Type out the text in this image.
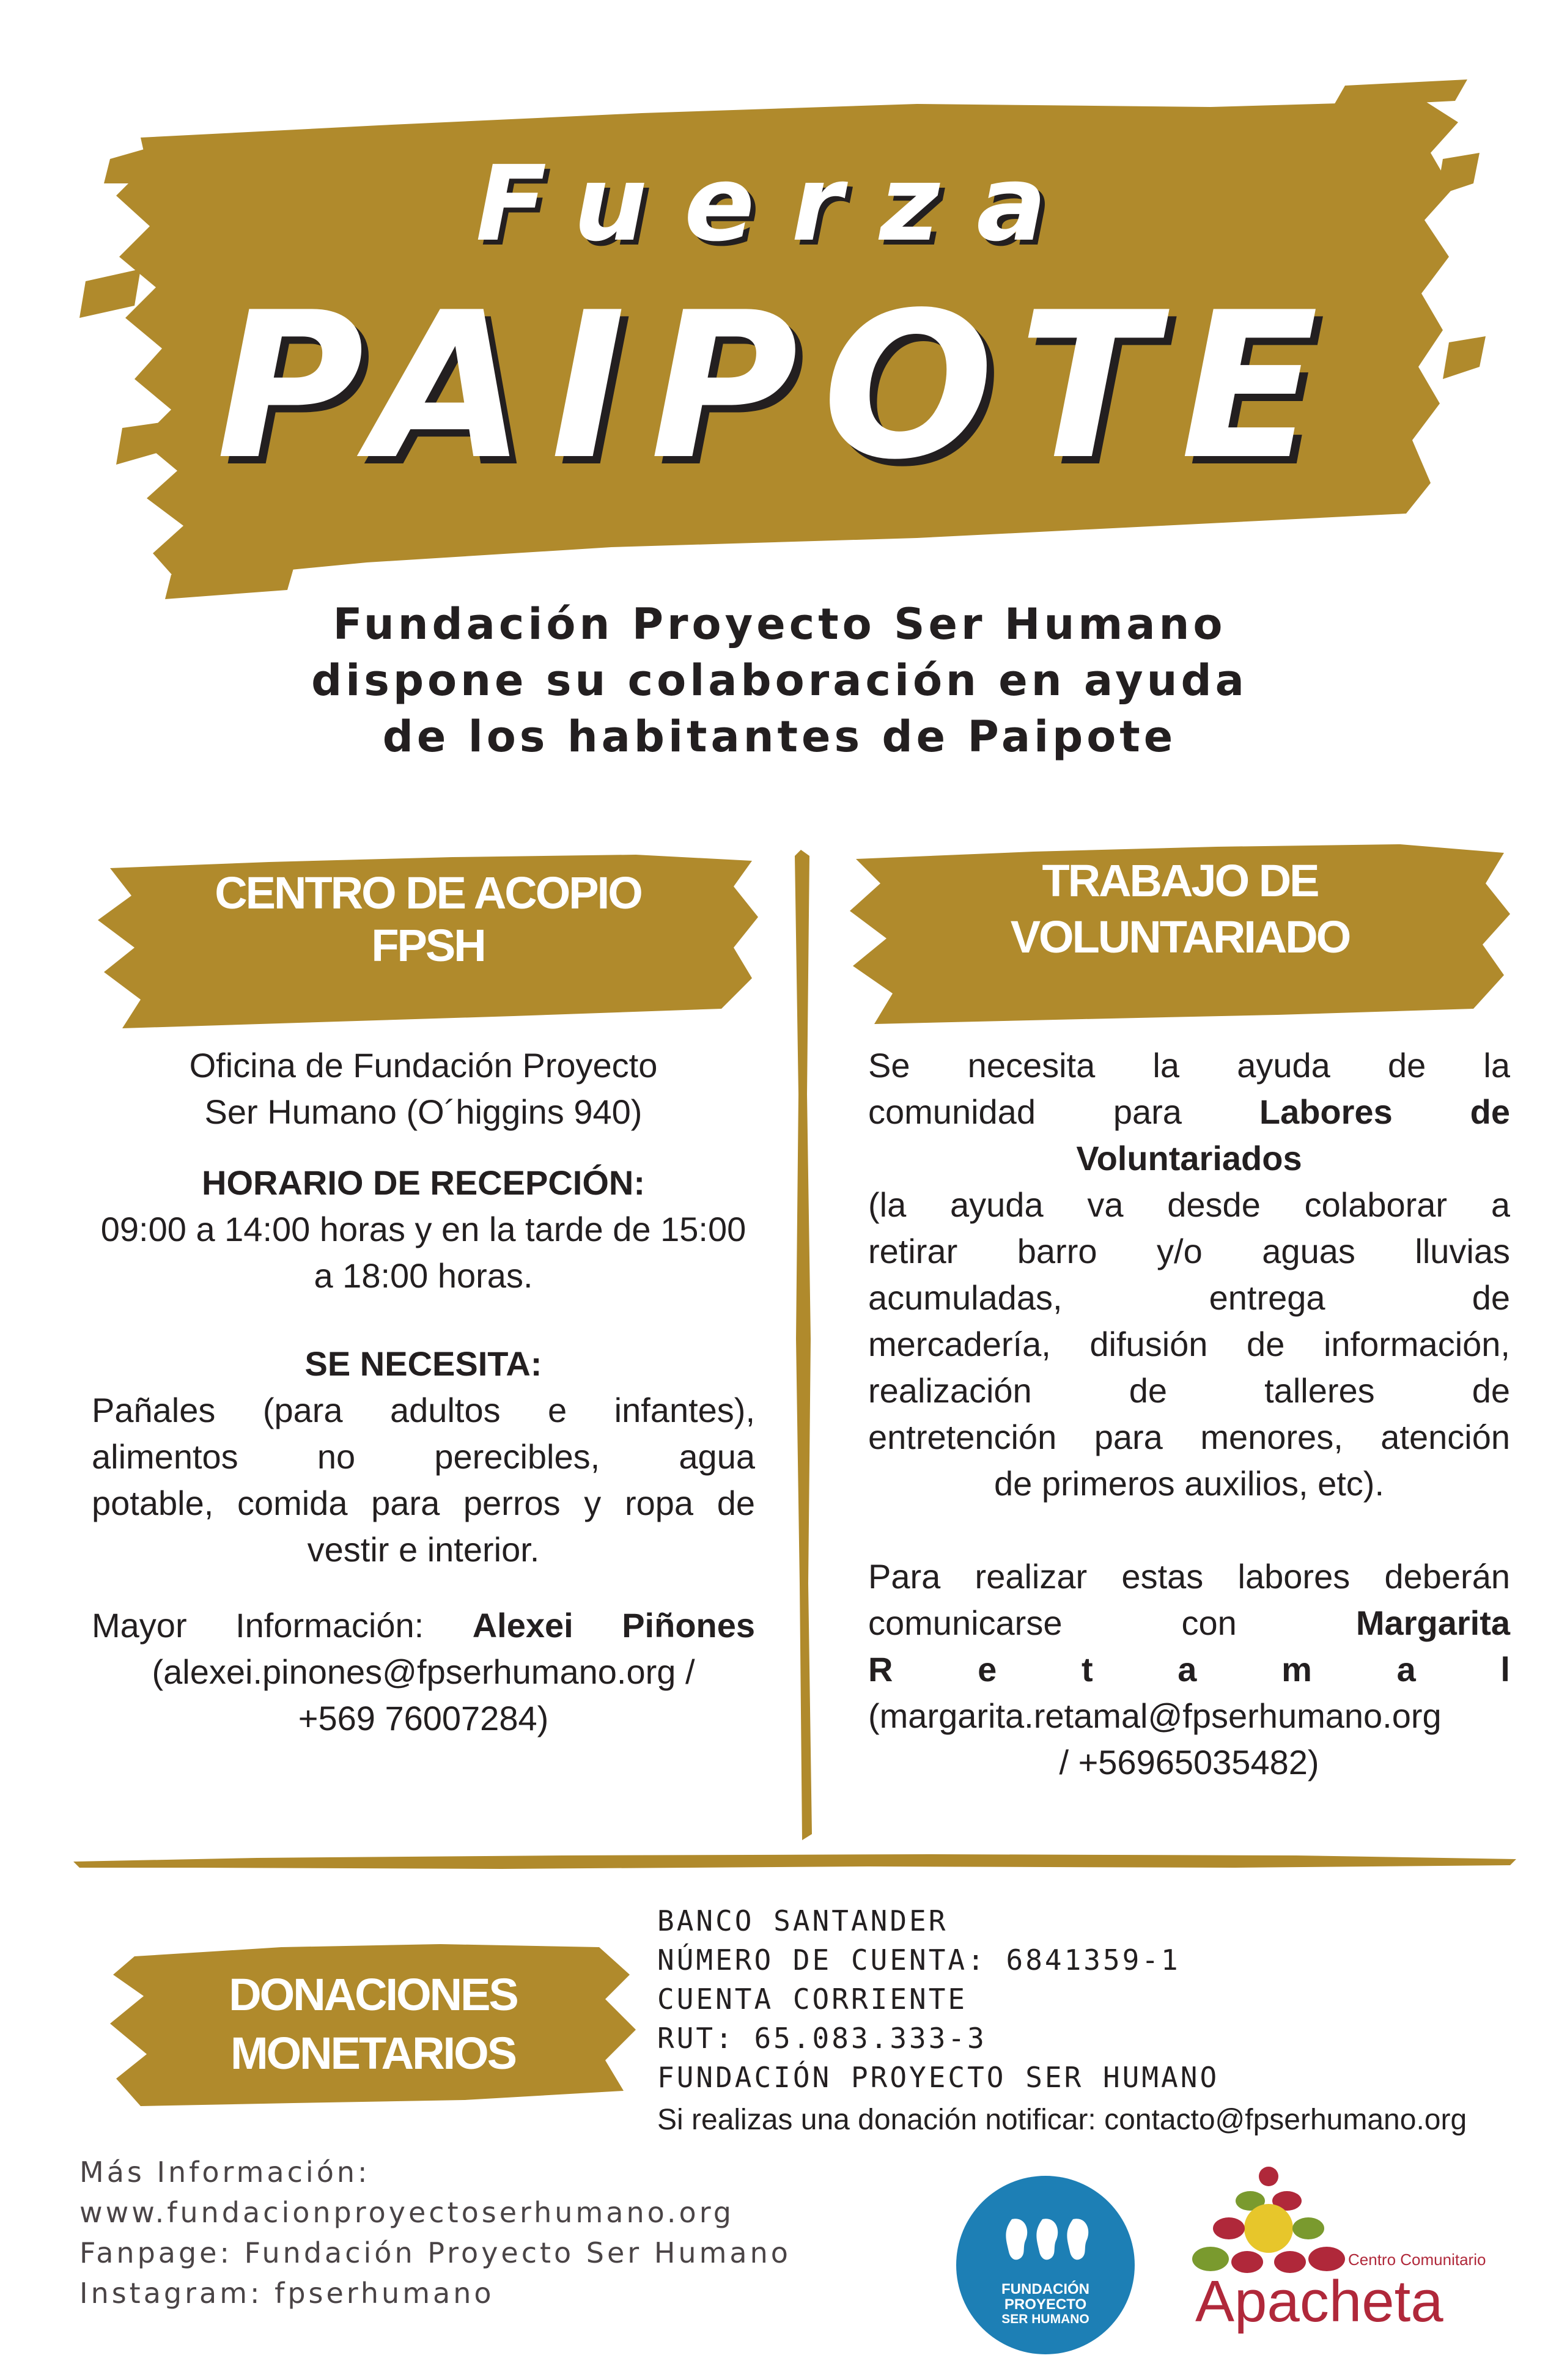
Fuerza
PAIPOTE
Fundación Proyecto Ser Humano
dispone su colaboración en ayuda
de los habitantes de Paipote
CENTRO DE ACOPIO
FPSH
TRABAJO DE
VOLUNTARIADO
Oficina de Fundación Proyecto
Ser Humano (O´higgins 940)
HORARIO DE RECEPCIÓN:
09:00 a 14:00 horas y en la tarde de 15:00
a 18:00 horas.
SE NECESITA:
Pañales (para adultos e infantes),
alimentos no perecibles, agua
potable, comida para perros y ropa de
vestir e interior.
Mayor Información: Alexei Piñones
(alexei.pinones@fpserhumano.org /
+569 76007284)
Se necesita la ayuda de la
comunidad para Labores de
Voluntariados
(la ayuda va desde colaborar a
retirar barro y/o aguas lluvias
acumuladas, entrega de
mercadería, difusión de información,
realización de talleres de
entretención para menores, atención
de primeros auxilios, etc).
Para realizar estas labores deberán
comunicarse con	Margarita
R e t a m a l
(margarita.retamal@fpserhumano.org
/ +56965035482)
DONACIONES
MONETARIOS
BANCO SANTANDER
NÚMERO DE CUENTA: 6841359-1
CUENTA CORRIENTE
RUT: 65.083.333-3
FUNDACIÓN PROYECTO SER HUMANO
Si realizas una donación notificar: contacto@fpserhumano.org
Más Información:
www.fundacionproyectoserhumano.org
Fanpage: Fundación Proyecto Ser Humano
Instagram: fpserhumano	FUNDACIÓN
PROYECTO
SER HUMANO
Centro Comunitario
Apacheta
